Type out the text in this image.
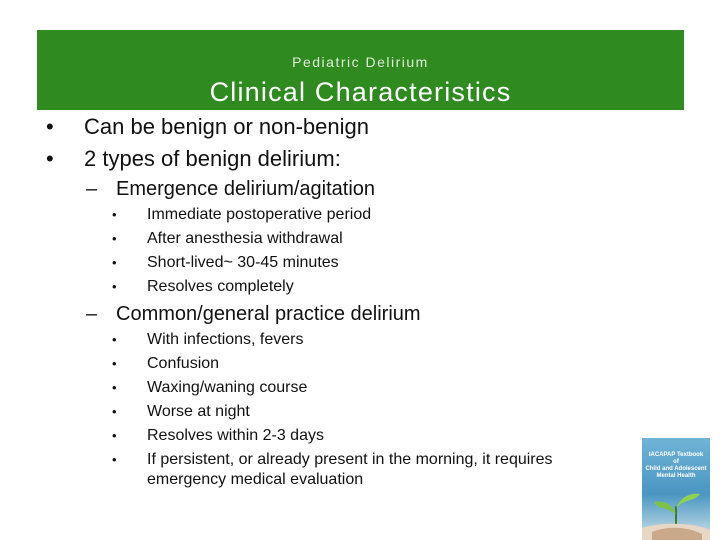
Pediatric Delirium
Clinical Characteristics
• Can be benign or non-benign
• 2 types of benign delirium:
– Emergence delirium/agitation
• Immediate postoperative period
• After anesthesia withdrawal
• Short-lived~ 30-45 minutes
• Resolves completely
– Common/general practice delirium
• With infections, fevers
• Confusion
• Waxing/waning course
• Worse at night
• Resolves within 2-3 days
• If persistent, or already present in the morning, it requires
emergency medical evaluation
IACAPAP Textbook
of
Child and Adolescent
Mental Health
